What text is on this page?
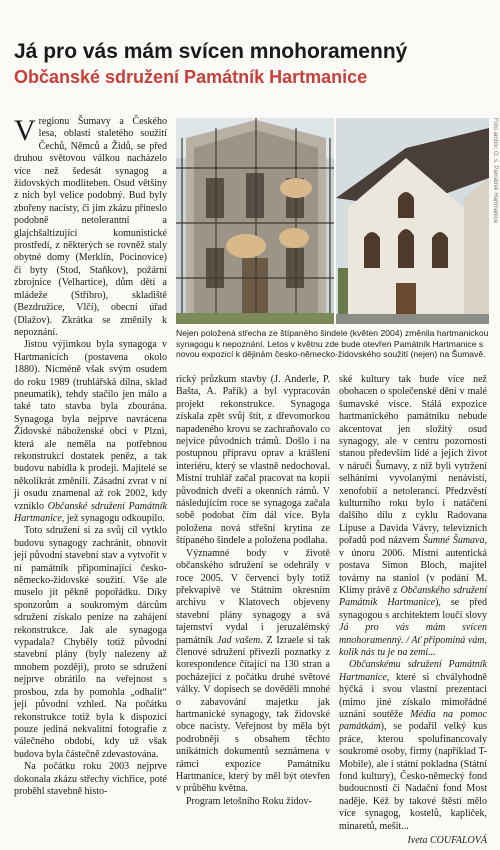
Já pro vás mám svícen mnohoramenný
Občanské sdružení Památník Hartmanice

Vregionu Šumavy a Českého lesa, oblasti staletého soužití Čechů, Němců a Židů, se před druhou světovou válkou nacházelo více než šedesát synagog a židovských modliteben. Osud většiny z nich byl velice podobný. Bud byly zbořeny nacisty, či jim zkázu přineslo podobně netolerantní a glajchšaltizující komunistické prostředí, z některých se rovněž staly obytné domy (Merklín, Pocinovice) či byty (Stod, Staňkov), požární zbrojnice (Velhartice), dům dětí a mládeže (Stříbro), skladiště (Bezdružice, Vlčí), obecní úřad (Dlažov). Zkrátka se změnily k nepoznání.

Jistou výjimkou byla synagoga v Hartmanicích (postavena okolo 1880). Nicméně však svým osudem do roku 1989 (truhlářská dílna, sklad pneumatik), tehdy stačilo jen málo a také tato stavba byla zbourána. Synagoga byla nejprve navrácena Židovské náboženské obci v Plzni, která ale neměla na potřebnou rekonstrukci dostatek peněz, a tak budovu nabídla k prodeji. Majitelé se několikrát změnili. Zásadní zvrat v ní ji osudu znamenal až rok 2002, kdy vzniklo Občanské sdružení Památník Hartmanice, jež synagogu odkoupilo.

Toto sdružení si za svůj cíl vytklo budovu synagogy zachránit, obnovit její původní stavební stav a vytvořit v ní památník připomínající česko-německo-židovské soužití. Vše ale muselo jít pěkně popořádku. Díky sponzorům a soukromým dárcům sdružení získalo peníze na zahájení rekonstrukce. Jak ale synagoga vypadala? Chyběly totiž původní stavební plány (byly nalezeny až mnohem později), proto se sdružení nejprve obrátilo na veřejnost s prosbou, zda by pomohla „odhalit“ její původní vzhled. Na počátku rekonstrukce totiž byla k dispozici pouze jediná nekvalitní fotografie z válečného období, kdy už však budova byla částečně zdevastována.

Na počátku roku 2003 nejprve dokonala zkázu střechy vichřice, poté proběhl stavebně histo-

Foto archiv: O. s. Památník Hartmanice
Nejen položená střecha ze štípaného šindele (květen 2004) změnila hartmanickou synagogu k nepoznání. Letos v květnu zde bude otevřen Památník Hartmanice s novou expozicí k dějinám česko-německo-židovského soužití (nejen) na Šumavě.

rický průzkum stavby (J. Anderle, P. Bašta, A. Pařík) a byl vypracován projekt rekonstrukce. Synagoga získala zpět svůj štít, z dřevomorkou napadeného krovu se zachraňovalo co nejvíce původních trámů. Došlo i na postupnou přípravu oprav a krášlení interiéru, který se vlastně nedochoval. Místní truhlář začal pracovat na kopii původních dveří a okenních rámů. V následujícím roce se synagoga začala sobě podobat čím dál více. Byla položena nová střešní krytina ze štípaného šindele a položena podlaha.

Významné body v životě občanského sdružení se odehrály v roce 2005. V červenci byly totiž překvapivě ve Státním okresním archivu v Klatovech objeveny stavební plány synagogy a svá tajemství vydal i jeruzalémský památník Jad vašem. Z Izraele si tak členové sdružení přivezli poznatky z korespondence čítající na 130 stran a pocházející z počátku druhé světové války. V dopisech se dověděli mnohé o zabavování majetku jak hartmanické synagogy, tak židovské obce nacisty. Veřejnost by měla být podrobněji s obsahem těchto unikátních dokumentů seznámena v rámci expozice Památníku Hartmanice, který by měl být otevřen v průběhu května.

Program letošního Roku židov-

ské kultury tak bude více než obohacen o společenské dění v malé šumavské vísce. Stálá expozice hartmanického památníku nebude akcentovat jen složitý osud synagogy, ale v centru pozornosti stanou především lidé a jejich život v náruči Šumavy, z níž byli vytrženi selháními vyvolanými nenávistí, xenofobií a netolerancí. Předzvěstí kulturního roku bylo i natáčení dalšího dílu z cyklu Radovana Lipuse a Davida Vávry, televizních pořadů pod názvem Šumné Šumava, v únoru 2006. Místní autentická postava Simon Bloch, majitel továrny na staniol (v podání M. Klímy právě z Občanského sdružení Památník Hartmanice), se před synagogou s architektem loučí slovy Já pro vás mám svícen mnohoramenný. / Ať připomíná vám, kolik nás tu je na zemi...

Občanskému sdružení Památník Hartmanice, které si chvályhodně hýčká i svou vlastní prezentaci (mimo jiné získalo mimořádné uznání soutěže Média na pomoc památkám), se podařil velký kus práce, kterou spolufinancovaly soukromé osoby, firmy (například T-Mobile), ale i státní pokladna (Státní fond kultury), Česko-německý fond budoucnosti či Nadační fond Most naděje. Kéž by takové štěstí mělo více synagog, kostelů, kapliček, minaretů, mešit...

Iveta COUFALOVÁ
